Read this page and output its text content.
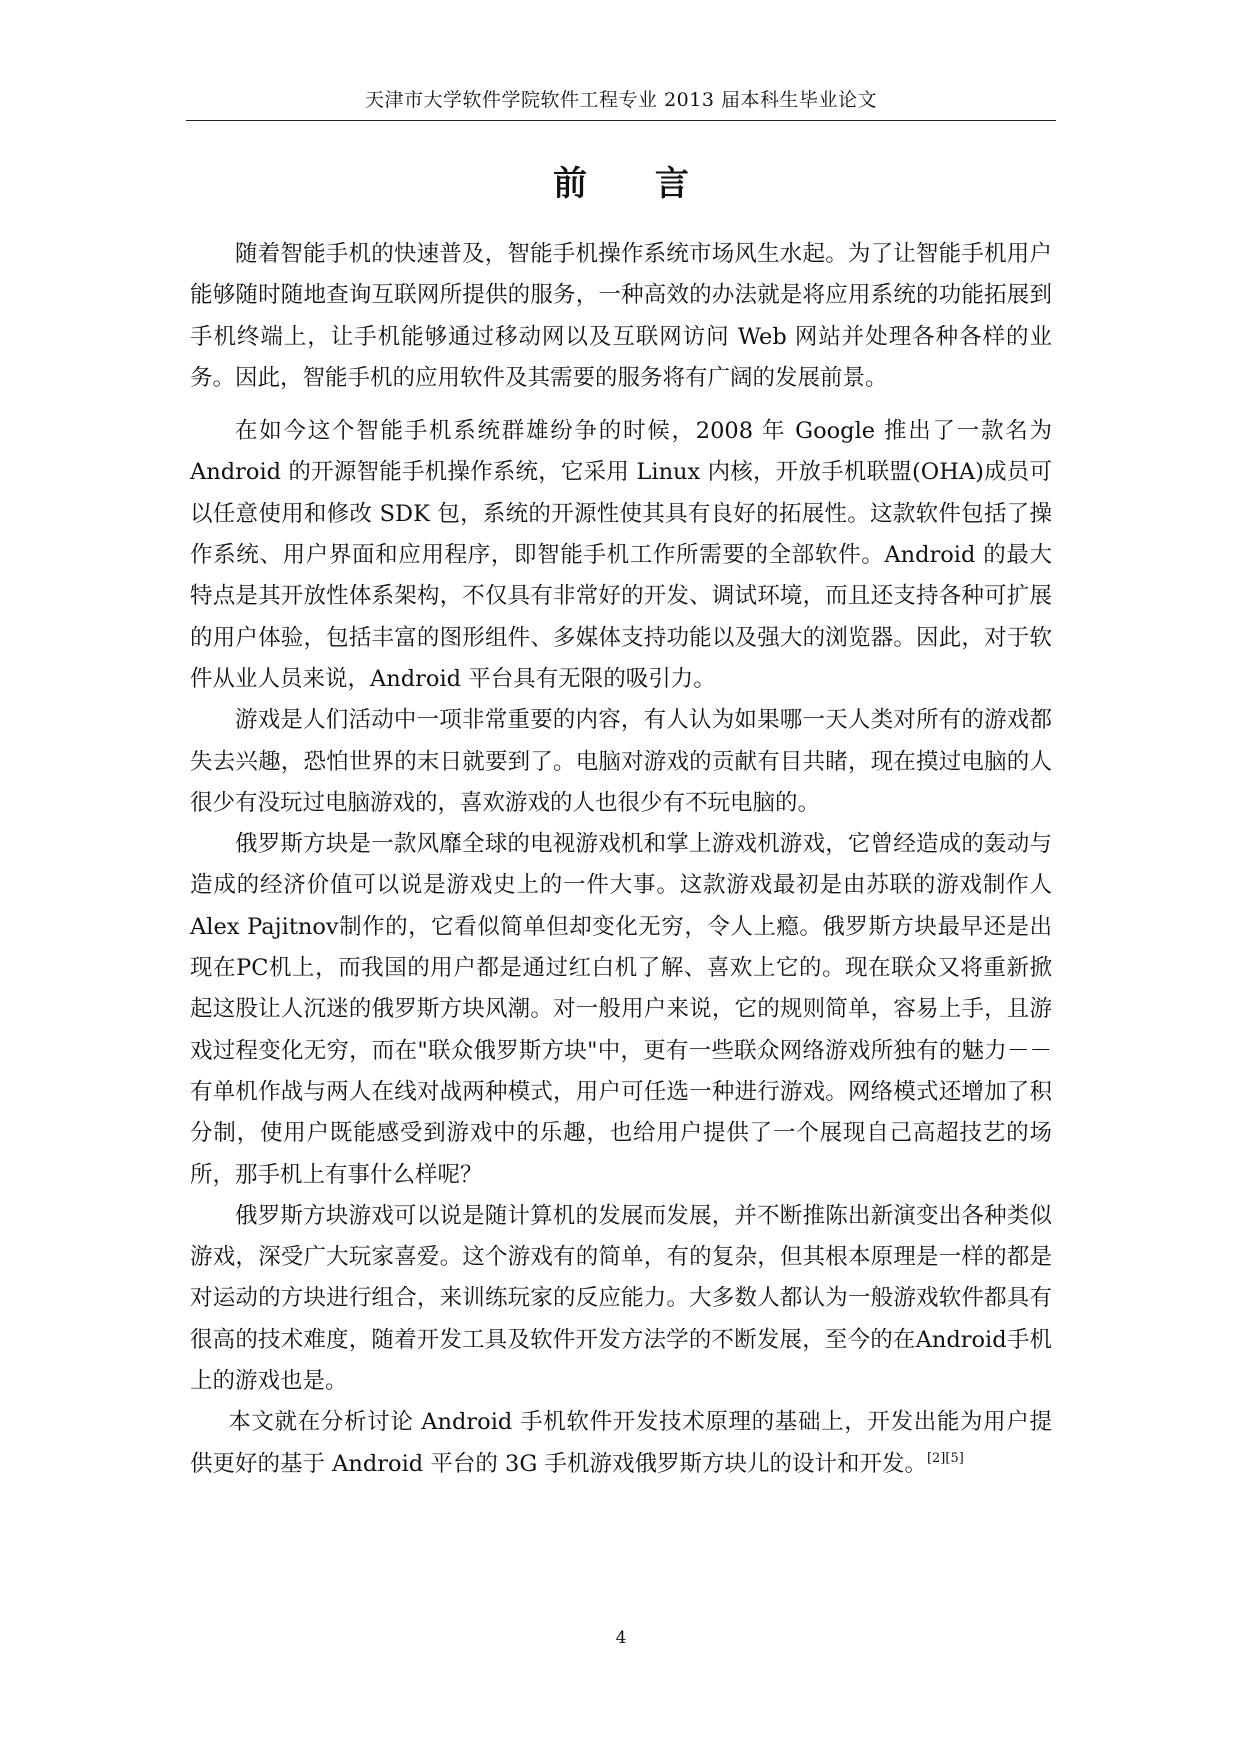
天津市大学软件学院软件工程专业 2013 届本科生毕业论文
前 言

随着智能手机的快速普及，智能手机操作系统市场风生水起。为了让智能手机用户能够随时随地查询互联网所提供的服务，一种高效的办法就是将应用系统的功能拓展到手机终端上，让手机能够通过移动网以及互联网访问 Web 网站并处理各种各样的业务。因此，智能手机的应用软件及其需要的服务将有广阔的发展前景。

在如今这个智能手机系统群雄纷争的时候，2008 年 Google 推出了一款名为 Android 的开源智能手机操作系统，它采用 Linux 内核，开放手机联盟(OHA)成员可以任意使用和修改 SDK 包，系统的开源性使其具有良好的拓展性。这款软件包括了操作系统、用户界面和应用程序，即智能手机工作所需要的全部软件。Android 的最大特点是其开放性体系架构，不仅具有非常好的开发、调试环境，而且还支持各种可扩展的用户体验，包括丰富的图形组件、多媒体支持功能以及强大的浏览器。因此，对于软件从业人员来说，Android 平台具有无限的吸引力。

游戏是人们活动中一项非常重要的内容，有人认为如果哪一天人类对所有的游戏都失去兴趣，恐怕世界的末日就要到了。电脑对游戏的贡献有目共睹，现在摸过电脑的人很少有没玩过电脑游戏的，喜欢游戏的人也很少有不玩电脑的。

俄罗斯方块是一款风靡全球的电视游戏机和掌上游戏机游戏，它曾经造成的轰动与造成的经济价值可以说是游戏史上的一件大事。这款游戏最初是由苏联的游戏制作人Alex Pajitnov制作的，它看似简单但却变化无穷，令人上瘾。俄罗斯方块最早还是出现在PC机上，而我国的用户都是通过红白机了解、喜欢上它的。现在联众又将重新掀起这股让人沉迷的俄罗斯方块风潮。对一般用户来说，它的规则简单，容易上手，且游戏过程变化无穷，而在"联众俄罗斯方块"中，更有一些联众网络游戏所独有的魅力－－有单机作战与两人在线对战两种模式，用户可任选一种进行游戏。网络模式还增加了积分制，使用户既能感受到游戏中的乐趣，也给用户提供了一个展现自己高超技艺的场所，那手机上有事什么样呢？

俄罗斯方块游戏可以说是随计算机的发展而发展，并不断推陈出新演变出各种类似游戏，深受广大玩家喜爱。这个游戏有的简单，有的复杂，但其根本原理是一样的都是对运动的方块进行组合，来训练玩家的反应能力。大多数人都认为一般游戏软件都具有很高的技术难度，随着开发工具及软件开发方法学的不断发展，至今的在Android手机上的游戏也是。

本文就在分析讨论 Android 手机软件开发技术原理的基础上，开发出能为用户提供更好的基于 Android 平台的 3G 手机游戏俄罗斯方块儿的设计和开发。[2][5]

4
